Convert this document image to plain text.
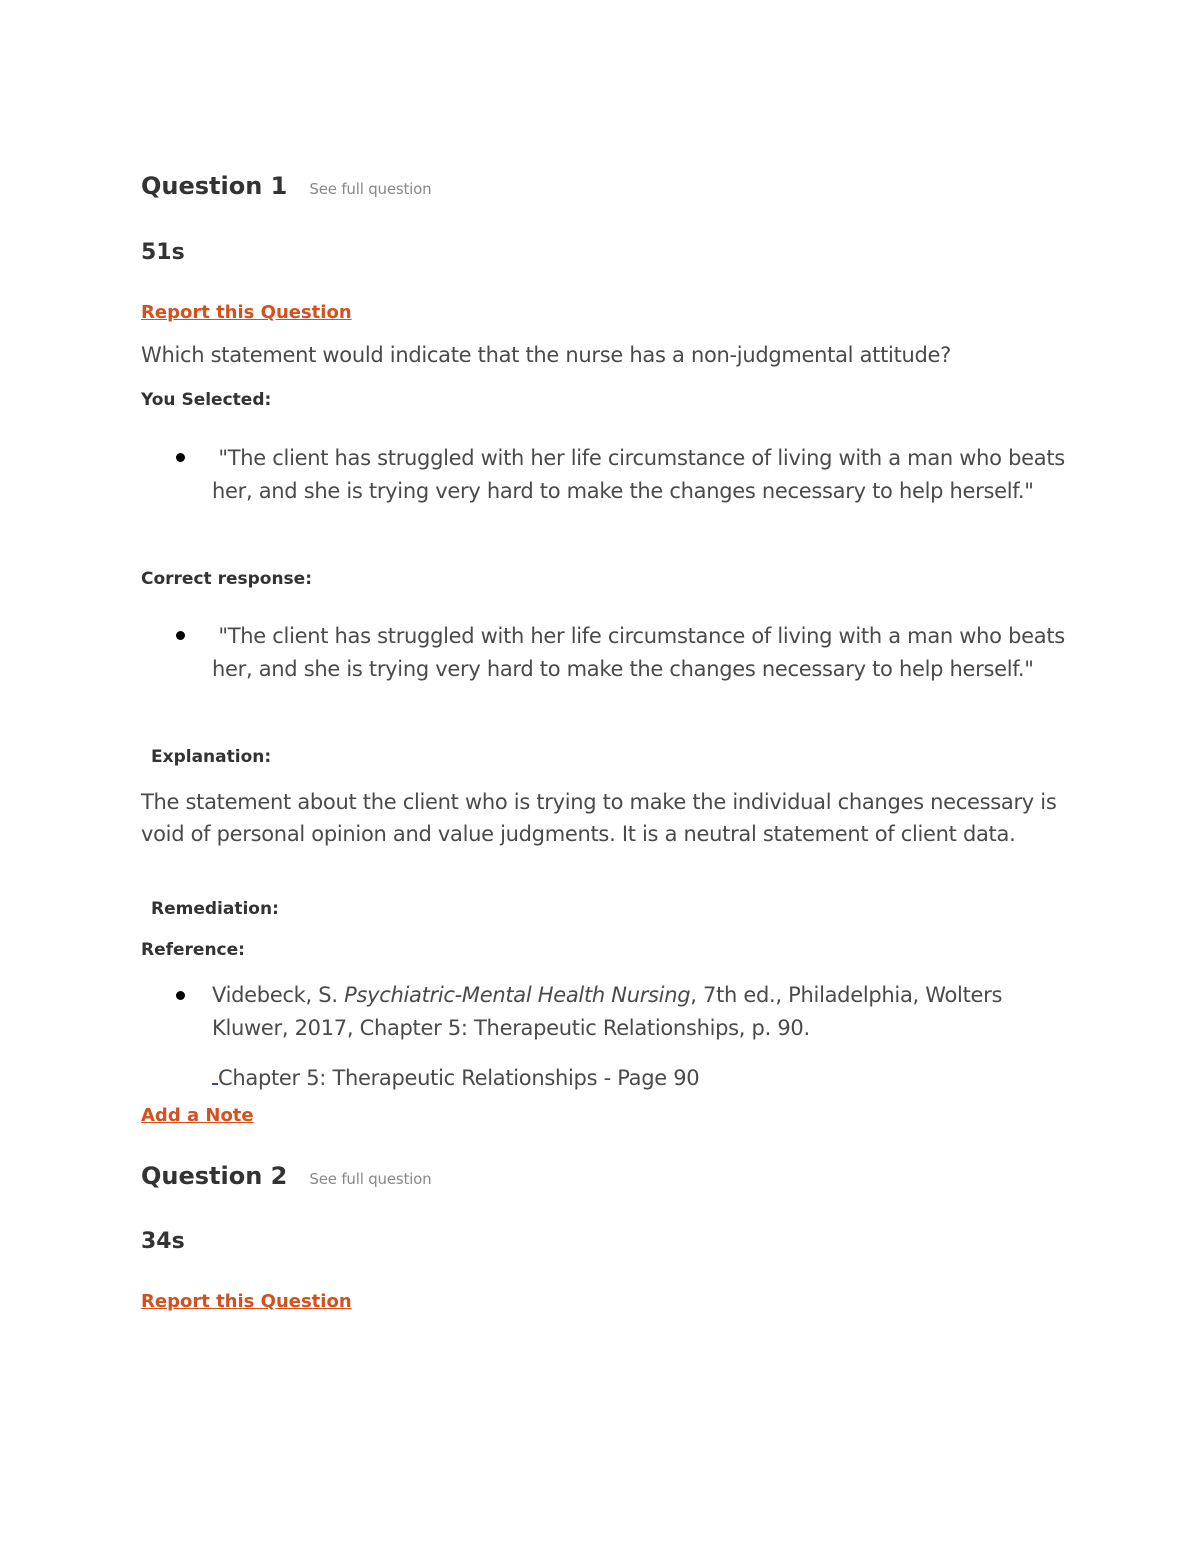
Question 1 See full question
51s
Report this Question
Which statement would indicate that the nurse has a non-judgmental attitude?
You Selected:
"The client has struggled with her life circumstance of living with a man who beats her, and she is trying very hard to make the changes necessary to help herself."
Correct response:
"The client has struggled with her life circumstance of living with a man who beats her, and she is trying very hard to make the changes necessary to help herself."
Explanation:
The statement about the client who is trying to make the individual changes necessary is void of personal opinion and value judgments. It is a neutral statement of client data.
Remediation:
Reference:
Videbeck, S. Psychiatric-Mental Health Nursing, 7th ed., Philadelphia, Wolters Kluwer, 2017, Chapter 5: Therapeutic Relationships, p. 90.
Chapter 5: Therapeutic Relationships - Page 90
Add a Note
Question 2 See full question
34s
Report this Question
